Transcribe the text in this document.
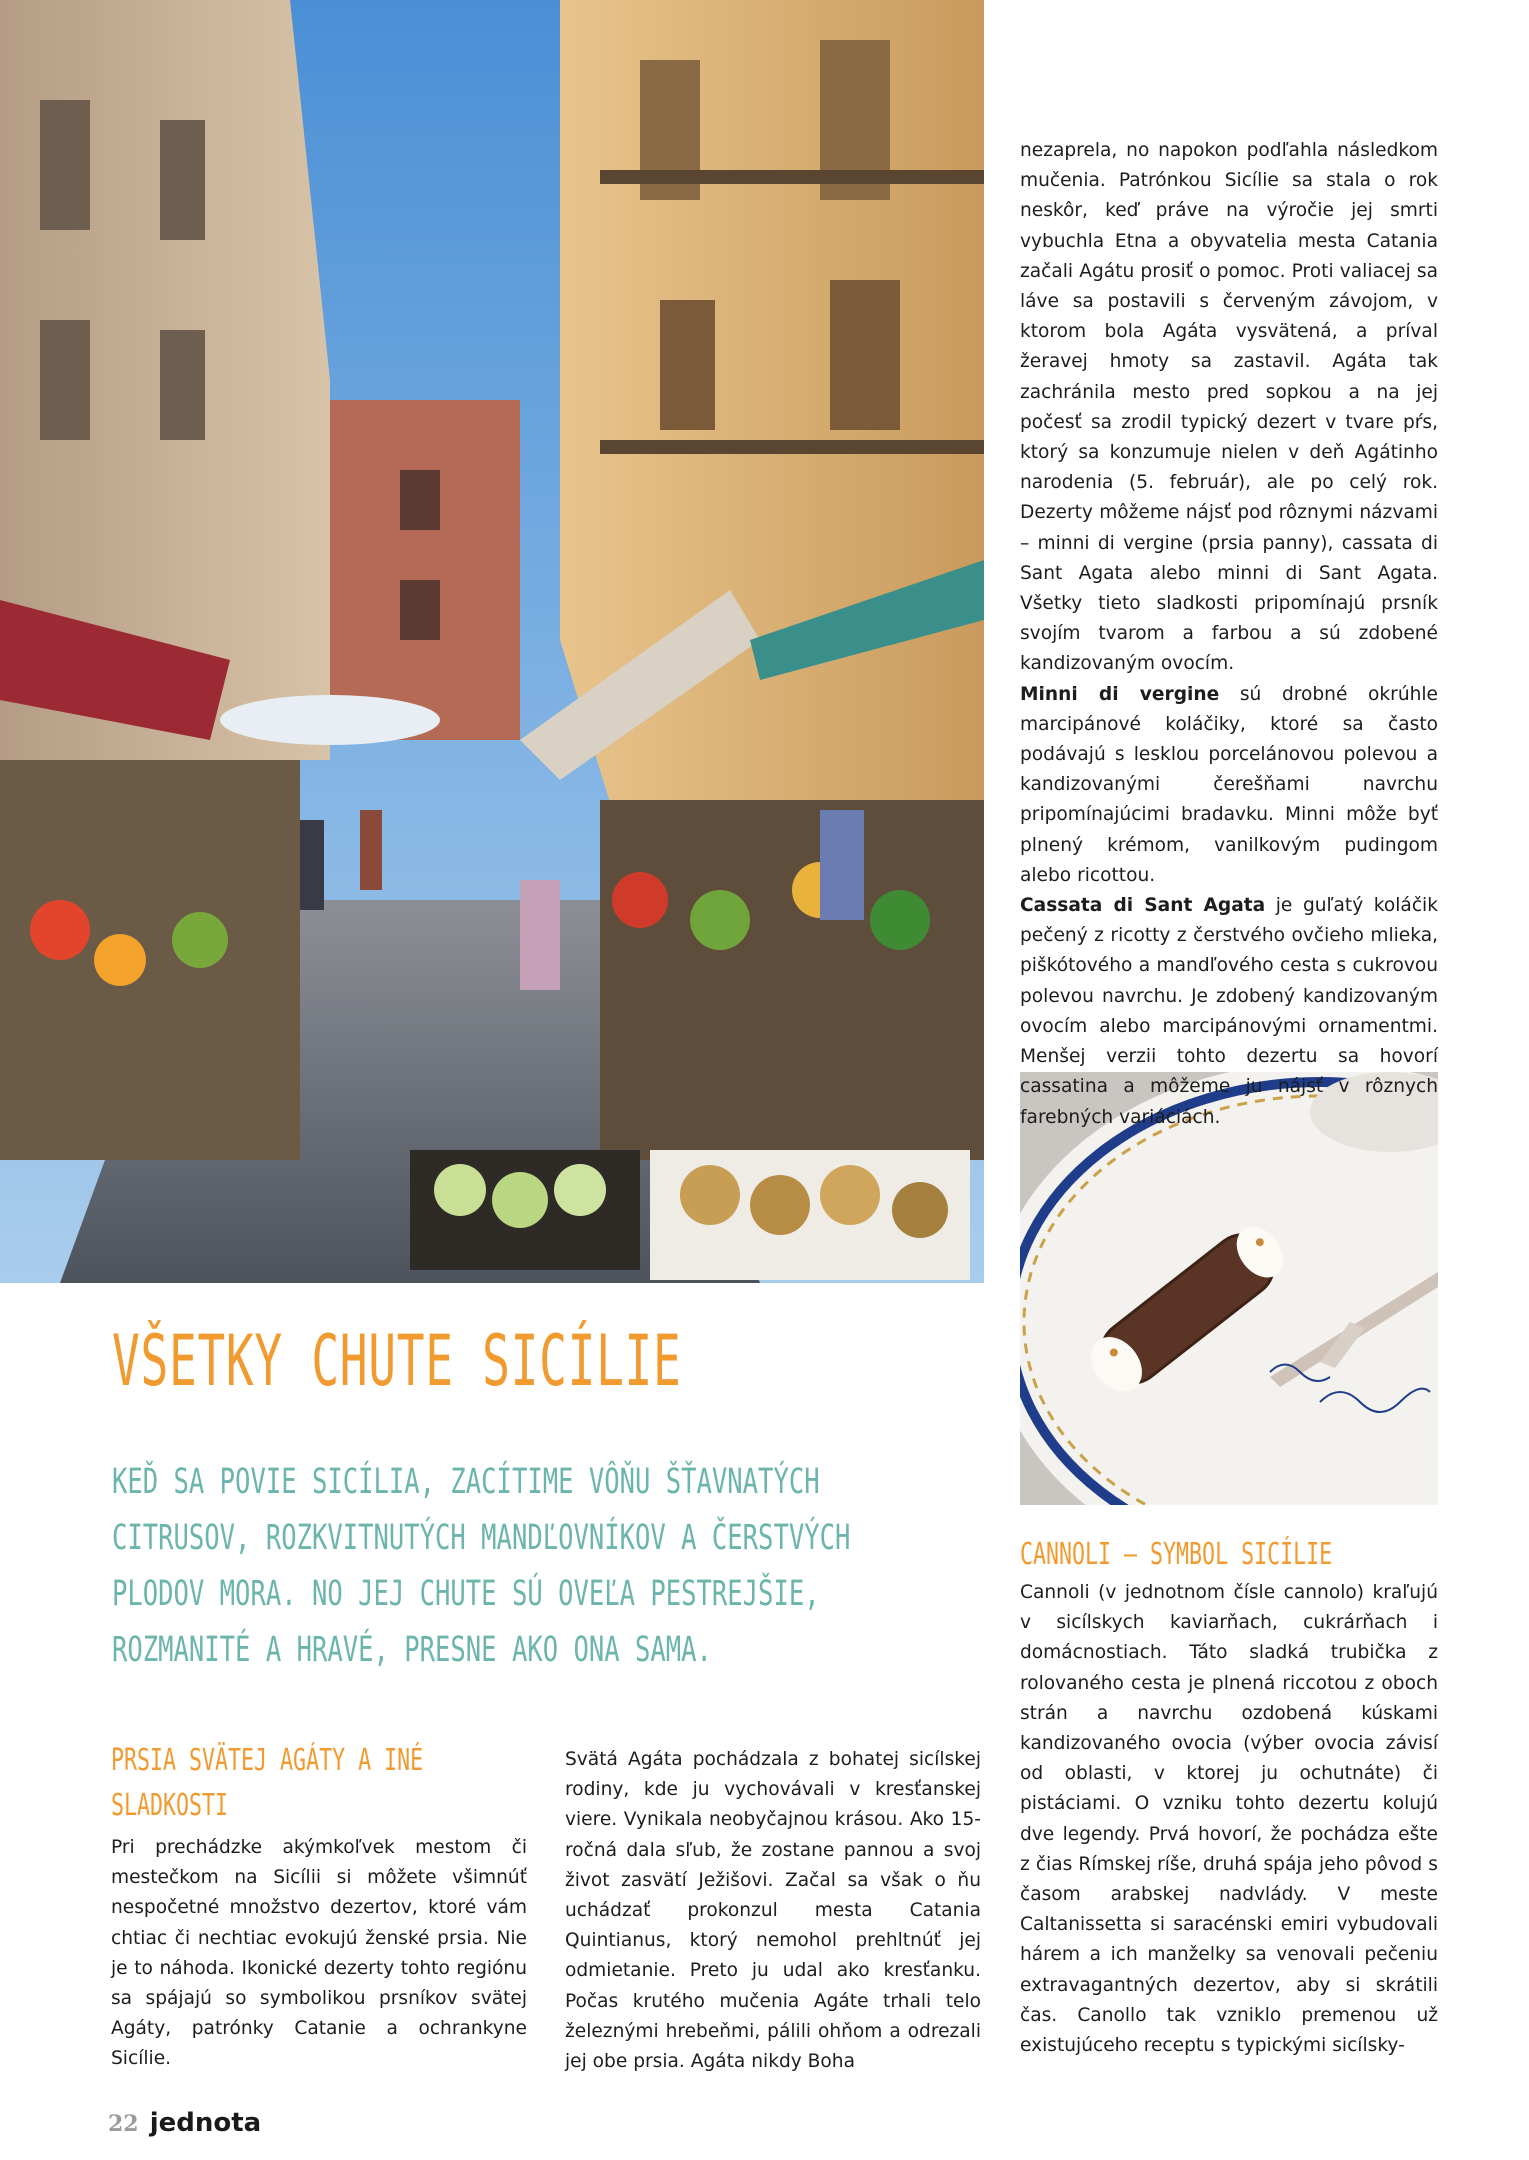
nezaprela, no napokon podľahla následkom mučenia. Patrónkou Sicílie sa stala o rok neskôr, keď práve na výročie jej smrti vybuchla Etna a obyvatelia mesta Catania začali Agátu prosiť o pomoc. Proti valiacej sa láve sa postavili s červeným závojom, v ktorom bola Agáta vysvätená, a príval žeravej hmoty sa zastavil. Agáta tak zachránila mesto pred sopkou a na jej počesť sa zrodil typický dezert v tvare pŕs, ktorý sa konzumuje nielen v deň Agátinho narodenia (5. február), ale po celý rok. Dezerty môžeme nájsť pod rôznymi názvami – minni di vergine (prsia panny), cassata di Sant Agata alebo minni di Sant Agata. Všetky tieto sladkosti pripomínajú prsník svojím tvarom a farbou a sú zdobené kandizovaným ovocím.

Minni di vergine sú drobné okrúhle marcipánové koláčiky, ktoré sa často podávajú s lesklou porcelánovou polevou a kandizovanými čerešňami navrchu pripomínajúcimi bradavku. Minni môže byť plnený krémom, vanilkovým pudingom alebo ricottou.

Cassata di Sant Agata je guľatý koláčik pečený z ricotty z čerstvého ovčieho mlieka, piškótového a mandľového cesta s cukrovou polevou navrchu. Je zdobený kandizovaným ovocím alebo marcipánovými ornamentmi. Menšej verzii tohto dezertu sa hovorí cassatina a môžeme ju nájsť v rôznych farebných variáciách.

VŠETKY CHUTE SICÍLIE

KEĎ SA POVIE SICÍLIA, ZACÍTIME VÔŇU ŠŤAVNATÝCH
CITRUSOV, ROZKVITNUTÝCH MANDĽOVNÍKOV A ČERSTVÝCH
PLODOV MORA. NO JEJ CHUTE SÚ OVEĽA PESTREJŠIE,
ROZMANITÉ A HRAVÉ, PRESNE AKO ONA SAMA.

PRSIA SVÄTEJ AGÁTY A INÉ
SLADKOSTI

Pri prechádzke akýmkoľvek mestom či mestečkom na Sicílii si môžete všimnúť nespočetné množstvo dezertov, ktoré vám chtiac či nechtiac evokujú ženské prsia. Nie je to náhoda. Ikonické dezerty tohto regiónu sa spájajú so symbolikou prsníkov svätej Agáty, patrónky Catanie a ochrankyne Sicílie.

Svätá Agáta pochádzala z bohatej sicílskej rodiny, kde ju vychovávali v kresťanskej viere. Vynikala neobyčajnou krásou. Ako 15-ročná dala sľub, že zostane pannou a svoj život zasvätí Ježišovi. Začal sa však o ňu uchádzať prokonzul mesta Catania Quintianus, ktorý nemohol prehltnúť jej odmietanie. Preto ju udal ako kresťanku. Počas krutého mučenia Agáte trhali telo železnými hrebeňmi, pálili ohňom a odrezali jej obe prsia. Agáta nikdy Boha

CANNOLI – SYMBOL SICÍLIE

Cannoli (v jednotnom čísle cannolo) kraľujú v sicílskych kaviarňach, cukrárňach i domácnostiach. Táto sladká trubička z rolovaného cesta je plnená riccotou z oboch strán a navrchu ozdobená kúskami kandizovaného ovocia (výber ovocia závisí od oblasti, v ktorej ju ochutnáte) či pistáciami. O vzniku tohto dezertu kolujú dve legendy. Prvá hovorí, že pochádza ešte z čias Rímskej ríše, druhá spája jeho pôvod s časom arabskej nadvlády. V meste Caltanissetta si saracénski emiri vybudovali hárem a ich manželky sa venovali pečeniu extravagantných dezertov, aby si skrátili čas. Canollo tak vzniklo premenou už existujúceho receptu s typickými sicílsky-

22 jednota
